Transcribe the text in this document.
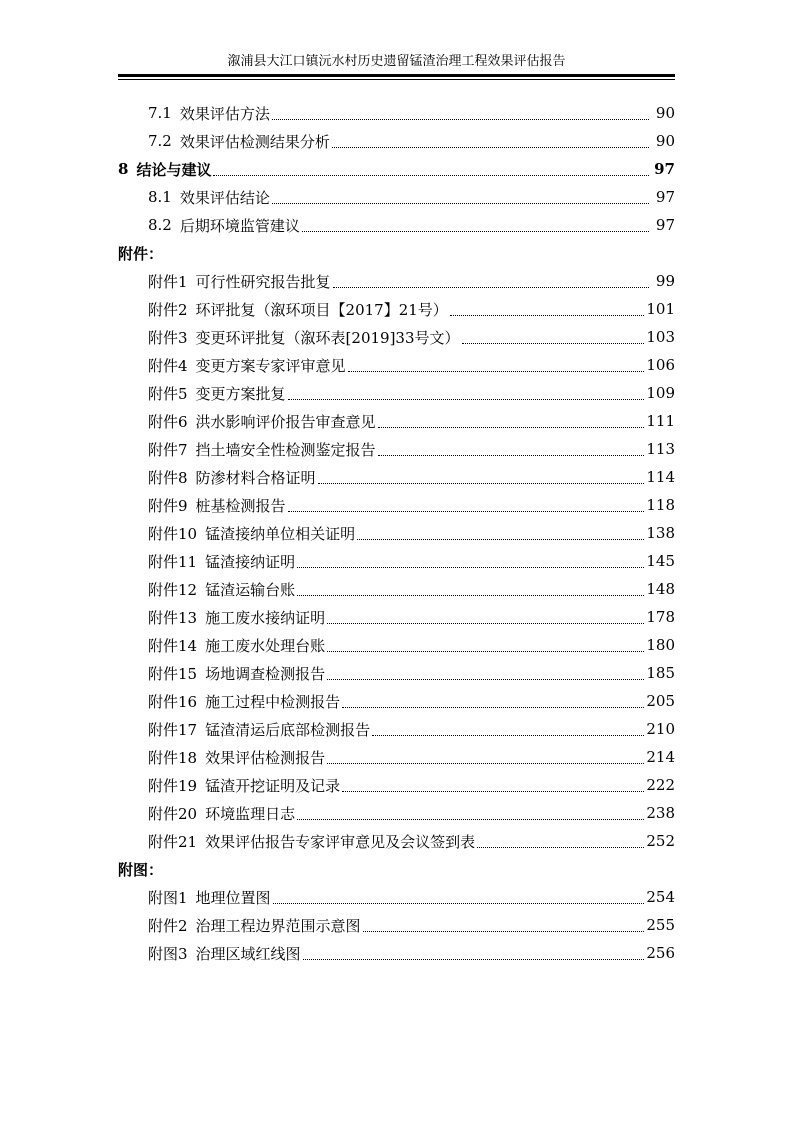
溆浦县大江口镇沅水村历史遗留锰渣治理工程效果评估报告
7.1 效果评估方法	90
7.2 效果评估检测结果分析	90
8 结论与建议	97
8.1 效果评估结论	97
8.2 后期环境监管建议	97
附件：
附件1 可行性研究报告批复	99
附件2 环评批复（溆环项目【2017】21号）	101
附件3 变更环评批复（溆环表[2019]33号文）	103
附件4 变更方案专家评审意见	106
附件5 变更方案批复	109
附件6 洪水影响评价报告审查意见	111
附件7 挡土墙安全性检测鉴定报告	113
附件8 防渗材料合格证明	114
附件9 桩基检测报告	118
附件10 锰渣接纳单位相关证明	138
附件11 锰渣接纳证明	145
附件12 锰渣运输台账	148
附件13 施工废水接纳证明	178
附件14 施工废水处理台账	180
附件15 场地调查检测报告	185
附件16 施工过程中检测报告	205
附件17 锰渣清运后底部检测报告	210
附件18 效果评估检测报告	214
附件19 锰渣开挖证明及记录	222
附件20 环境监理日志	238
附件21 效果评估报告专家评审意见及会议签到表	252
附图：
附图1 地理位置图	254
附件2 治理工程边界范围示意图	255
附图3 治理区域红线图	256
